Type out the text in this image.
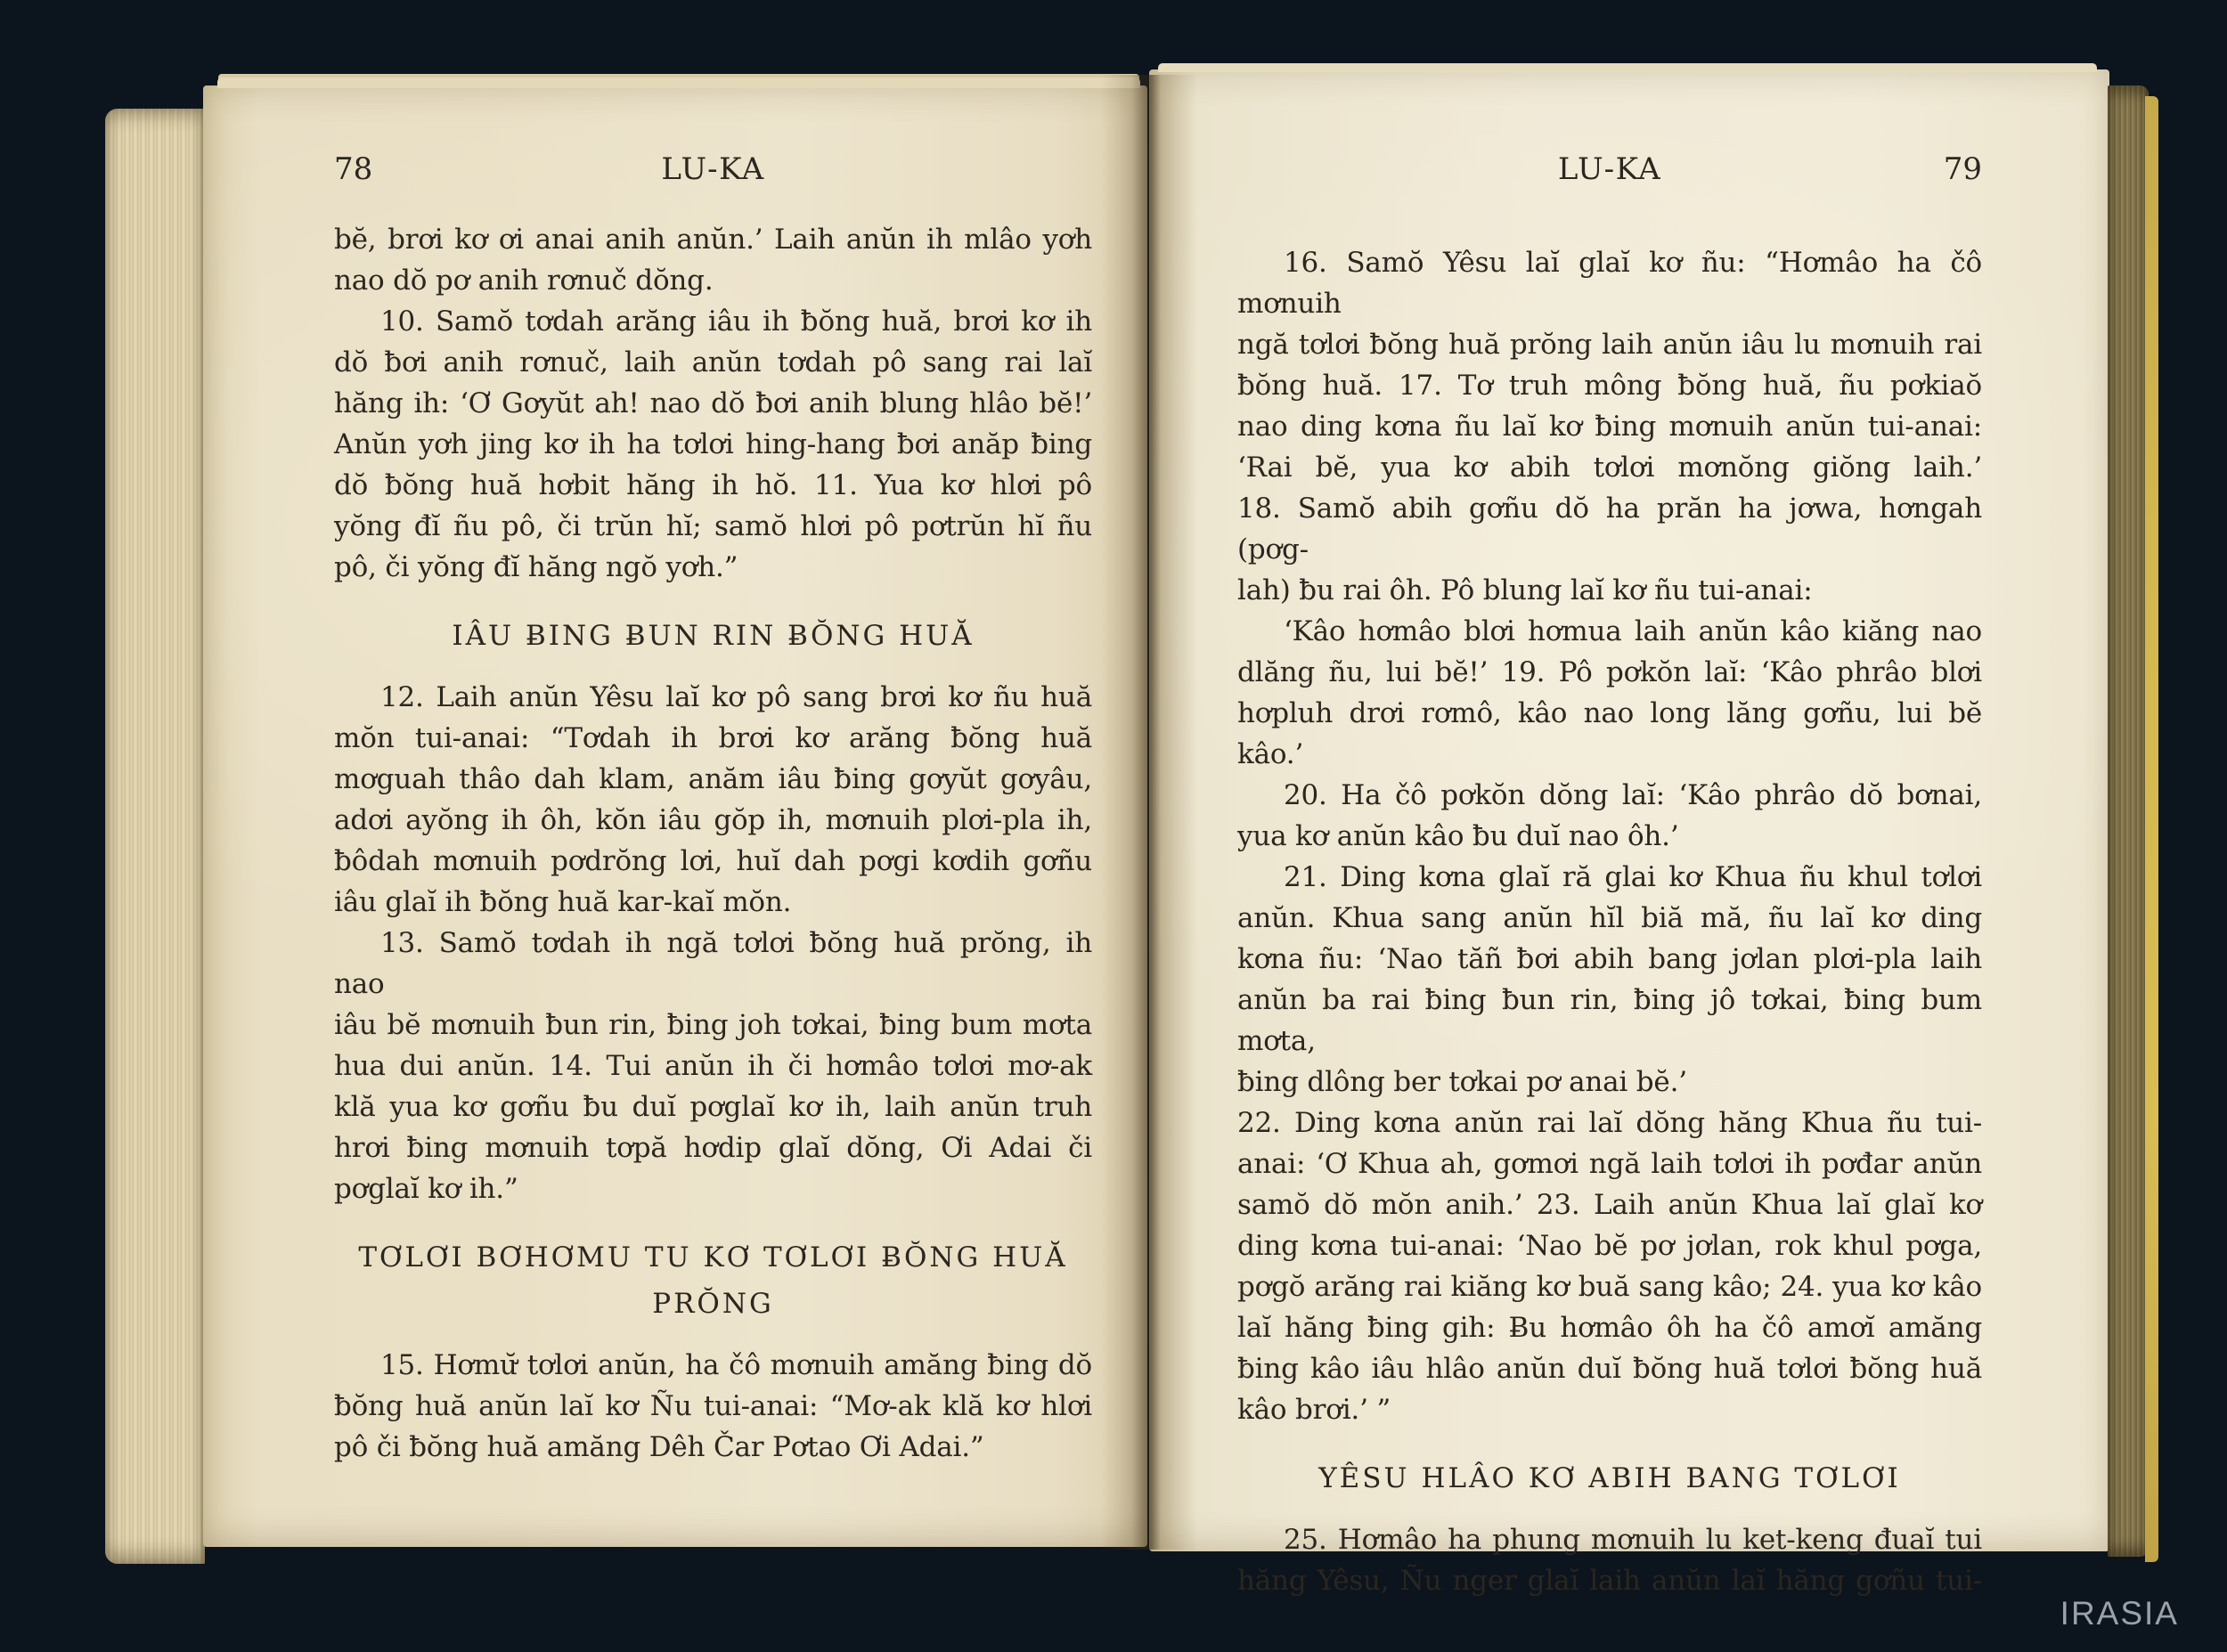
78	LU-KA
bĕ, brơi kơ ơi anai anih anŭn.’ Laih anŭn ih mlâo yơh
nao dŏ pơ anih rơnuč dŏng.
10. Samŏ tơdah arăng iâu ih ƀŏng huă, brơi kơ ih
dŏ ƀơi anih rơnuč, laih anŭn tơdah pô sang rai laĭ
hăng ih: ‘Ơ Gơyŭt ah! nao dŏ ƀơi anih blung hlâo bĕ!’
Anŭn yơh jing kơ ih ha tơlơi hing-hang ƀơi anăp ƀing
dŏ ƀŏng huă hơbit hăng ih hŏ. 11. Yua kơ hlơi pô
yŏng đĭ ñu pô, či trŭn hĭ; samŏ hlơi pô pơtrŭn hĭ ñu
pô, či yŏng đĭ hăng ngŏ yơh.”
IÂU ɃING ɃUN RIN ɃŎNG HUĂ
12. Laih anŭn Yêsu laĭ kơ pô sang brơi kơ ñu huă
mŏn tui-anai: “Tơdah ih brơi kơ arăng ƀŏng huă
mơguah thâo dah klam, anăm iâu ƀing gơyŭt gơyâu,
adơi ayŏng ih ôh, kŏn iâu gŏp ih, mơnuih plơi-pla ih,
ƀôdah mơnuih pơdrŏng lơi, huĭ dah pơgi kơdih gơñu
iâu glaĭ ih ƀŏng huă kar-kaĭ mŏn.
13. Samŏ tơdah ih ngă tơlơi ƀŏng huă prŏng, ih nao
iâu bĕ mơnuih ƀun rin, ƀing joh tơkai, ƀing bum mơta
hua dui anŭn. 14. Tui anŭn ih či hơmâo tơlơi mơ-ak
klă yua kơ gơñu ƀu duĭ pơglaĭ kơ ih, laih anŭn truh
hrơi ƀing mơnuih tơpă hơdip glaĭ dŏng, Ơi Adai či
pơglaĭ kơ ih.”
TƠLƠI BƠHƠMU TU KƠ TƠLƠI ɃŎNG HUĂ
PRŎNG
15. Hơmư̆ tơlơi anŭn, ha čô mơnuih amăng ƀing dŏ
ƀŏng huă anŭn laĭ kơ Ñu tui-anai: “Mơ-ak klă kơ hlơi
pô či ƀŏng huă amăng Dêh Čar Pơtao Ơi Adai.”
LU-KA	79
16. Samŏ Yêsu laĭ glaĭ kơ ñu: “Hơmâo ha čô mơnuih
ngă tơlơi ƀŏng huă prŏng laih anŭn iâu lu mơnuih rai
ƀŏng huă. 17. Tơ truh mông ƀŏng huă, ñu pơkiaŏ
nao ding kơna ñu laĭ kơ ƀing mơnuih anŭn tui-anai:
‘Rai bĕ, yua kơ abih tơlơi mơnŏng giŏng laih.’
18. Samŏ abih gơñu dŏ ha prăn ha jơwa, hơngah (pơg-
lah) ƀu rai ôh. Pô blung laĭ kơ ñu tui-anai:
‘Kâo hơmâo blơi hơmua laih anŭn kâo kiăng nao
dlăng ñu, lui bĕ!’ 19. Pô pơkŏn laĭ: ‘Kâo phrâo blơi
hơpluh drơi rơmô, kâo nao long lăng gơñu, lui bĕ kâo.’
20. Ha čô pơkŏn dŏng laĭ: ‘Kâo phrâo dŏ bơnai,
yua kơ anŭn kâo ƀu duĭ nao ôh.’
21. Ding kơna glaĭ ră glai kơ Khua ñu khul tơlơi
anŭn. Khua sang anŭn hĭl biă mă, ñu laĭ kơ ding
kơna ñu: ‘Nao tăñ ƀơi abih bang jơlan plơi-pla laih
anŭn ba rai ƀing ƀun rin, ƀing jô tơkai, ƀing bum mơta,
ƀing dlông ber tơkai pơ anai bĕ.’
22. Ding kơna anŭn rai laĭ dŏng hăng Khua ñu tui-
anai: ‘Ơ Khua ah, gơmơi ngă laih tơlơi ih pơđar anŭn
samŏ dŏ mŏn anih.’ 23. Laih anŭn Khua laĭ glaĭ kơ
ding kơna tui-anai: ‘Nao bĕ pơ jơlan, rok khul pơga,
pơgŏ arăng rai kiăng kơ buă sang kâo; 24. yua kơ kâo
laĭ hăng ƀing gih: Ƀu hơmâo ôh ha čô amơĭ amăng
ƀing kâo iâu hlâo anŭn duĭ ƀŏng huă tơlơi ƀŏng huă
kâo brơi.’ ”
YÊSU HLÂO KƠ ABIH BANG TƠLƠI
25. Hơmâo ha phung mơnuih lu ket-keng đuaĭ tui
hăng Yêsu, Ñu nger glaĭ laih anŭn laĭ hăng gơñu tui-
IRASIA
